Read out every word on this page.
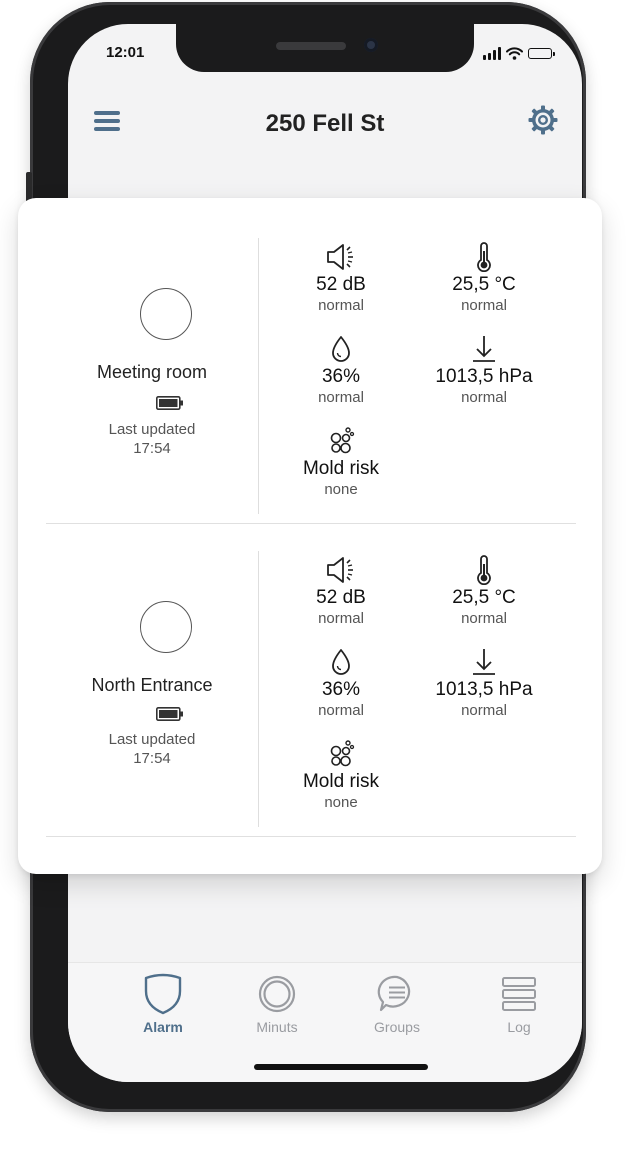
12:01
250 Fell St
Alarm	Minuts	Groups	Log
Meeting room
Last updated
17:54
52 dB
normal
25,5 °C
normal
36%
normal
1013,5 hPa
normal
Mold risk
none
North Entrance
Last updated
17:54
52 dB
normal
25,5 °C
normal
36%
normal
1013,5 hPa
normal
Mold risk
none
